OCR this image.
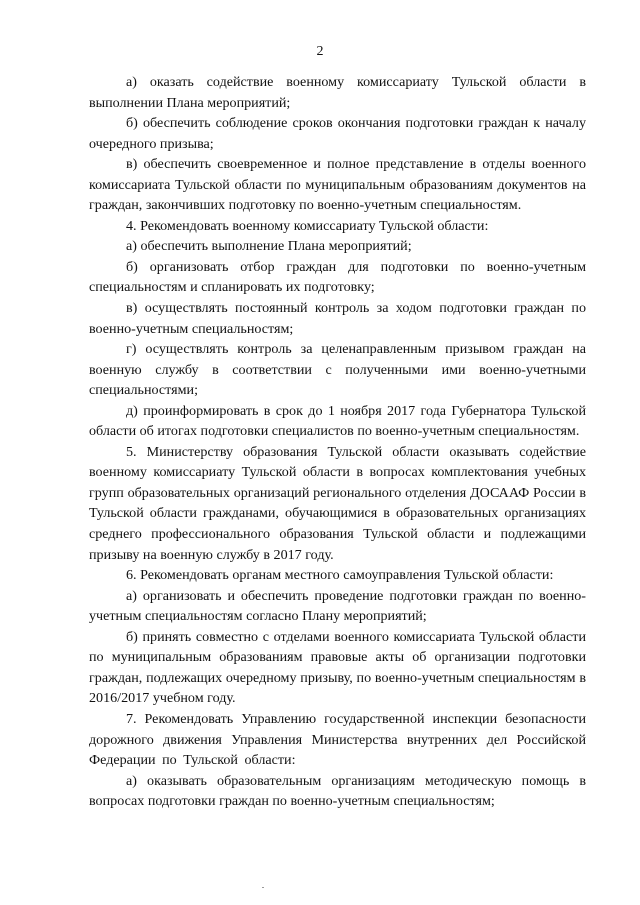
2

а) оказать содействие военному комиссариату Тульской области в выполнении Плана мероприятий;

б) обеспечить соблюдение сроков окончания подготовки граждан к началу очередного призыва;

в) обеспечить своевременное и полное представление в отделы военного комиссариата Тульской области по муниципальным образованиям документов на граждан, закончивших подготовку по военно-учетным специальностям.

4. Рекомендовать военному комиссариату Тульской области:

а) обеспечить выполнение Плана мероприятий;

б) организовать отбор граждан для подготовки по военно-учетным специальностям и спланировать их подготовку;

в) осуществлять постоянный контроль за ходом подготовки граждан по военно-учетным специальностям;

г) осуществлять контроль за целенаправленным призывом граждан на военную службу в соответствии с полученными ими военно-учетными специальностями;

д) проинформировать в срок до 1 ноября 2017 года Губернатора Тульской области об итогах подготовки специалистов по военно-учетным специальностям.

5. Министерству образования Тульской области оказывать содействие военному комиссариату Тульской области в вопросах комплектования учебных групп образовательных организаций регионального отделения ДОСААФ России в Тульской области гражданами, обучающимися в образовательных организациях среднего профессионального образования Тульской области и подлежащими призыву на военную службу в 2017 году.

6. Рекомендовать органам местного самоуправления Тульской области:

а) организовать и обеспечить проведение подготовки граждан по военно-учетным специальностям согласно Плану мероприятий;

б) принять совместно с отделами военного комиссариата Тульской области по муниципальным образованиям правовые акты об организации подготовки граждан, подлежащих очередному призыву, по военно-учетным специальностям в 2016/2017 учебном году.

7. Рекомендовать Управлению государственной инспекции безопасности дорожного движения Управления Министерства внутренних дел Российской Федерации по Тульской области:

а) оказывать образовательным организациям методическую помощь в вопросах подготовки граждан по военно-учетным специальностям;
